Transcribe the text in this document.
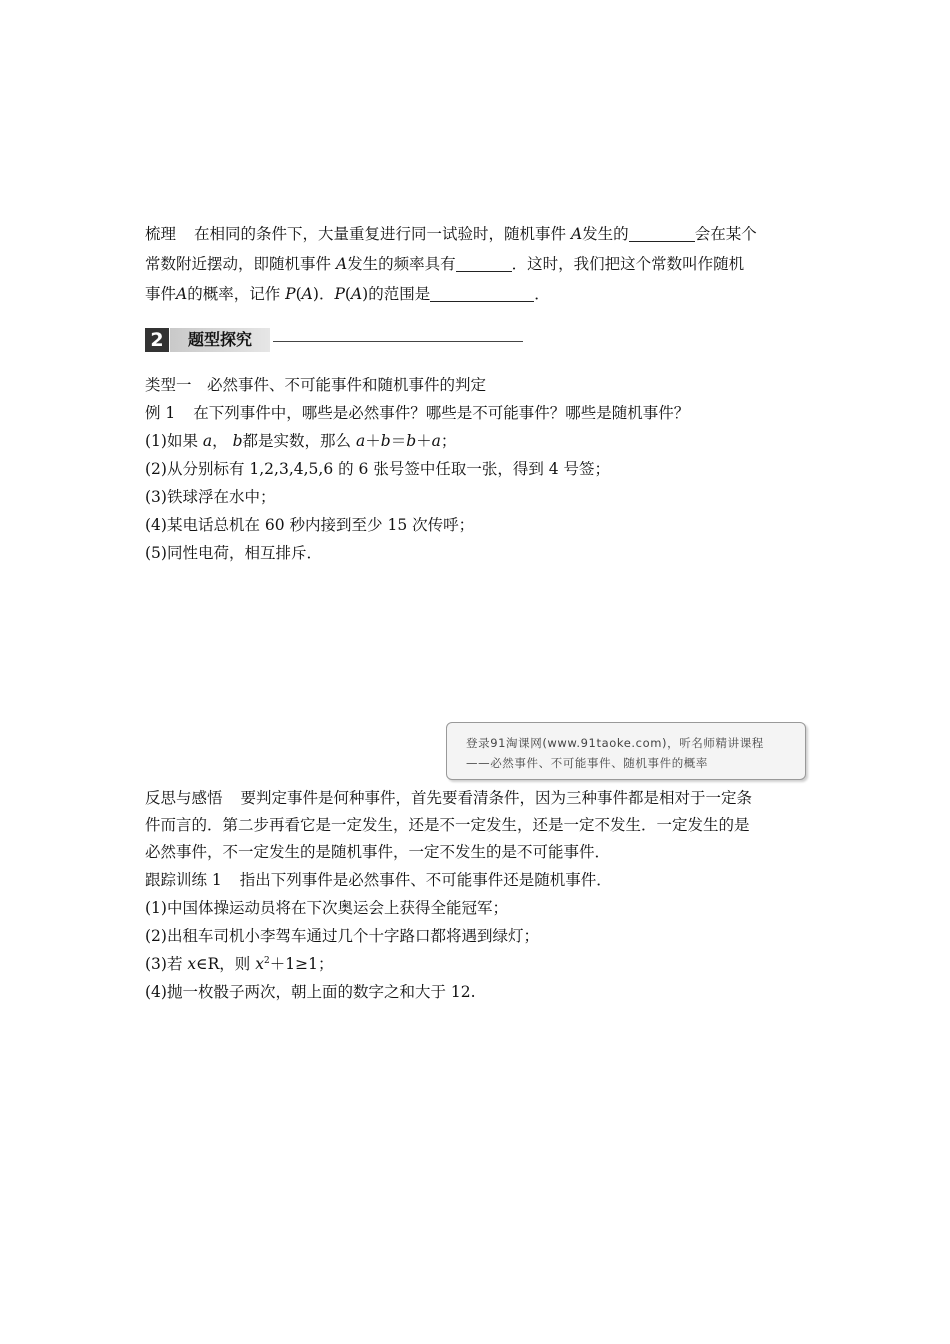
梳理 在相同的条件下，大量重复进行同一试验时，随机事件 A发生的	会在某个
常数附近摆动，即随机事件 A发生的频率具有	．这时，我们把这个常数叫作随机
事件A的概率，记作 P(A)．P(A)的范围是	．
2	题型探究
类型一　必然事件、不可能事件和随机事件的判定
例 1 在下列事件中，哪些是必然事件？哪些是不可能事件？哪些是随机事件？
(1)如果 a， b都是实数，那么 a＋b＝b＋a；
(2)从分别标有 1,2,3,4,5,6 的 6 张号签中任取一张，得到 4 号签；
(3)铁球浮在水中；
(4)某电话总机在 60 秒内接到至少 15 次传呼；
(5)同性电荷，相互排斥．
登录91淘课网(www.91taoke.com)，听名师精讲课程
——必然事件、不可能事件、随机事件的概率
反思与感悟 要判定事件是何种事件，首先要看清条件，因为三种事件都是相对于一定条
件而言的．第二步再看它是一定发生，还是不一定发生，还是一定不发生．一定发生的是
必然事件，不一定发生的是随机事件，一定不发生的是不可能事件．
跟踪训练 1 指出下列事件是必然事件、不可能事件还是随机事件．
(1)中国体操运动员将在下次奥运会上获得全能冠军；
(2)出租车司机小李驾车通过几个十字路口都将遇到绿灯；
(3)若 x∈R，则 $x^2+1\ge 1$；
(4)抛一枚骰子两次，朝上面的数字之和大于 12.
